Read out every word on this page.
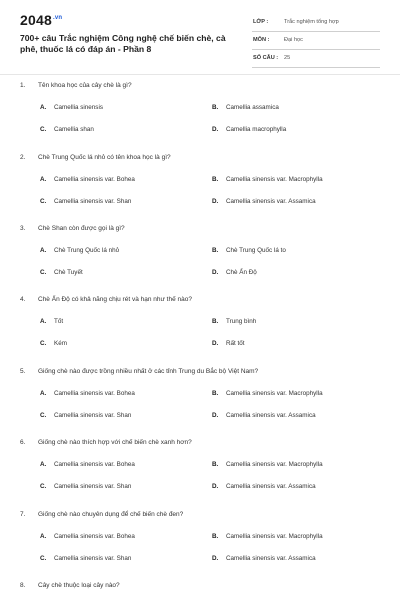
$2048^{.vn}$
700+ câu Trắc nghiệm Công nghệ chế biến chè, cà phê, thuốc lá có đáp án - Phần 8
LỚP :	Trắc nghiệm tổng hợp
MÔN :	Đại học
SỐ CÂU : 25
1. Tên khoa học của cây chè là gì?
A. Camellia sinensis	B. Camellia assamica
C. Camellia shan	D. Camellia macrophylla
2. Chè Trung Quốc lá nhỏ có tên khoa học là gì?
A. Camellia sinensis var. Bohea	B. Camellia sinensis var. Macrophylla
C. Camellia sinensis var. Shan	D. Camellia sinensis var. Assamica
3. Chè Shan còn được gọi là gì?
A. Chè Trung Quốc lá nhỏ	B. Chè Trung Quốc lá to
C. Chè Tuyết	D. Chè Ấn Độ
4. Chè Ấn Độ có khả năng chịu rét và hạn như thế nào?
A. Tốt	B. Trung bình
C. Kém	D. Rất tốt
5. Giống chè nào được trồng nhiều nhất ở các tỉnh Trung du Bắc bộ Việt Nam?
A. Camellia sinensis var. Bohea	B. Camellia sinensis var. Macrophylla
C. Camellia sinensis var. Shan	D. Camellia sinensis var. Assamica
6. Giống chè nào thích hợp với chế biến chè xanh hơn?
A. Camellia sinensis var. Bohea	B. Camellia sinensis var. Macrophylla
C. Camellia sinensis var. Shan	D. Camellia sinensis var. Assamica
7. Giống chè nào chuyên dụng để chế biến chè đen?
A. Camellia sinensis var. Bohea	B. Camellia sinensis var. Macrophylla
C. Camellia sinensis var. Shan	D. Camellia sinensis var. Assamica
8. Cây chè thuộc loại cây nào?
